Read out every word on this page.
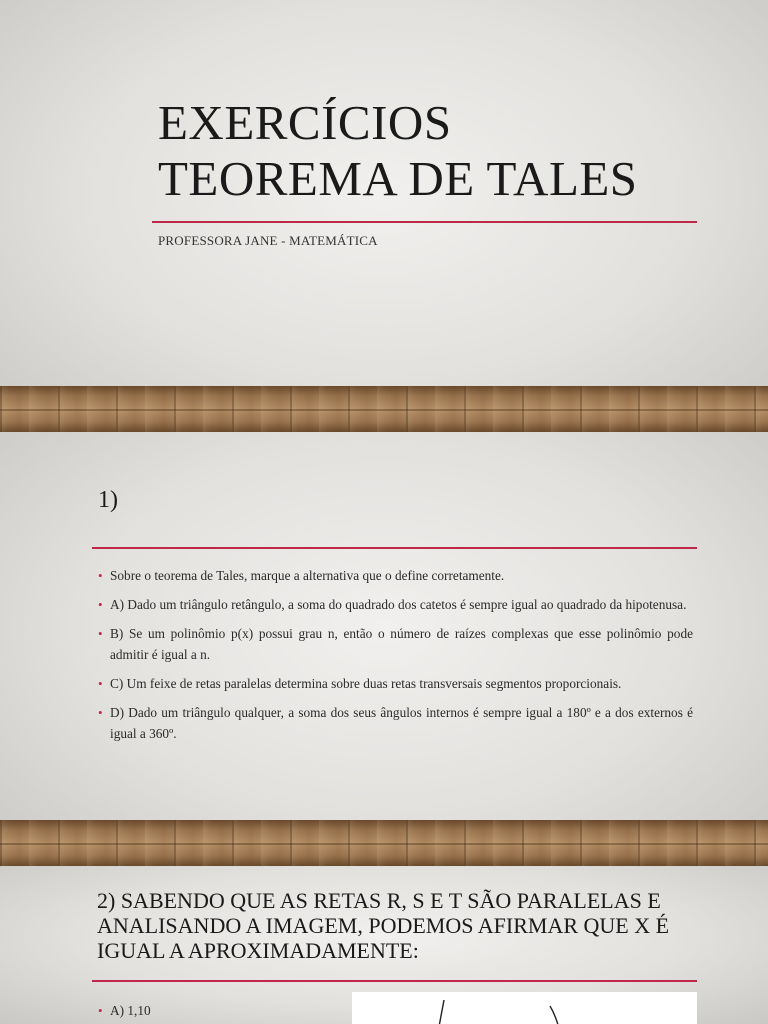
EXERCÍCIOS
TEOREMA DE TALES
PROFESSORA JANE - MATEMÁTICA
1)
• Sobre o teorema de Tales, marque a alternativa que o define corretamente.
• A) Dado um triângulo retângulo, a soma do quadrado dos catetos é sempre igual ao quadrado da hipotenusa.
• B) Se um polinômio p(x) possui grau n, então o número de raízes complexas que esse polinômio pode admitir é igual a n.
• C) Um feixe de retas paralelas determina sobre duas retas transversais segmentos proporcionais.
• D) Dado um triângulo qualquer, a soma dos seus ângulos internos é sempre igual a 180º e a dos externos é igual a 360º.
2) SABENDO QUE AS RETAS R, S E T SÃO PARALELAS E
ANALISANDO A IMAGEM, PODEMOS AFIRMAR QUE X É
IGUAL A APROXIMADAMENTE:
• A) 1,10
